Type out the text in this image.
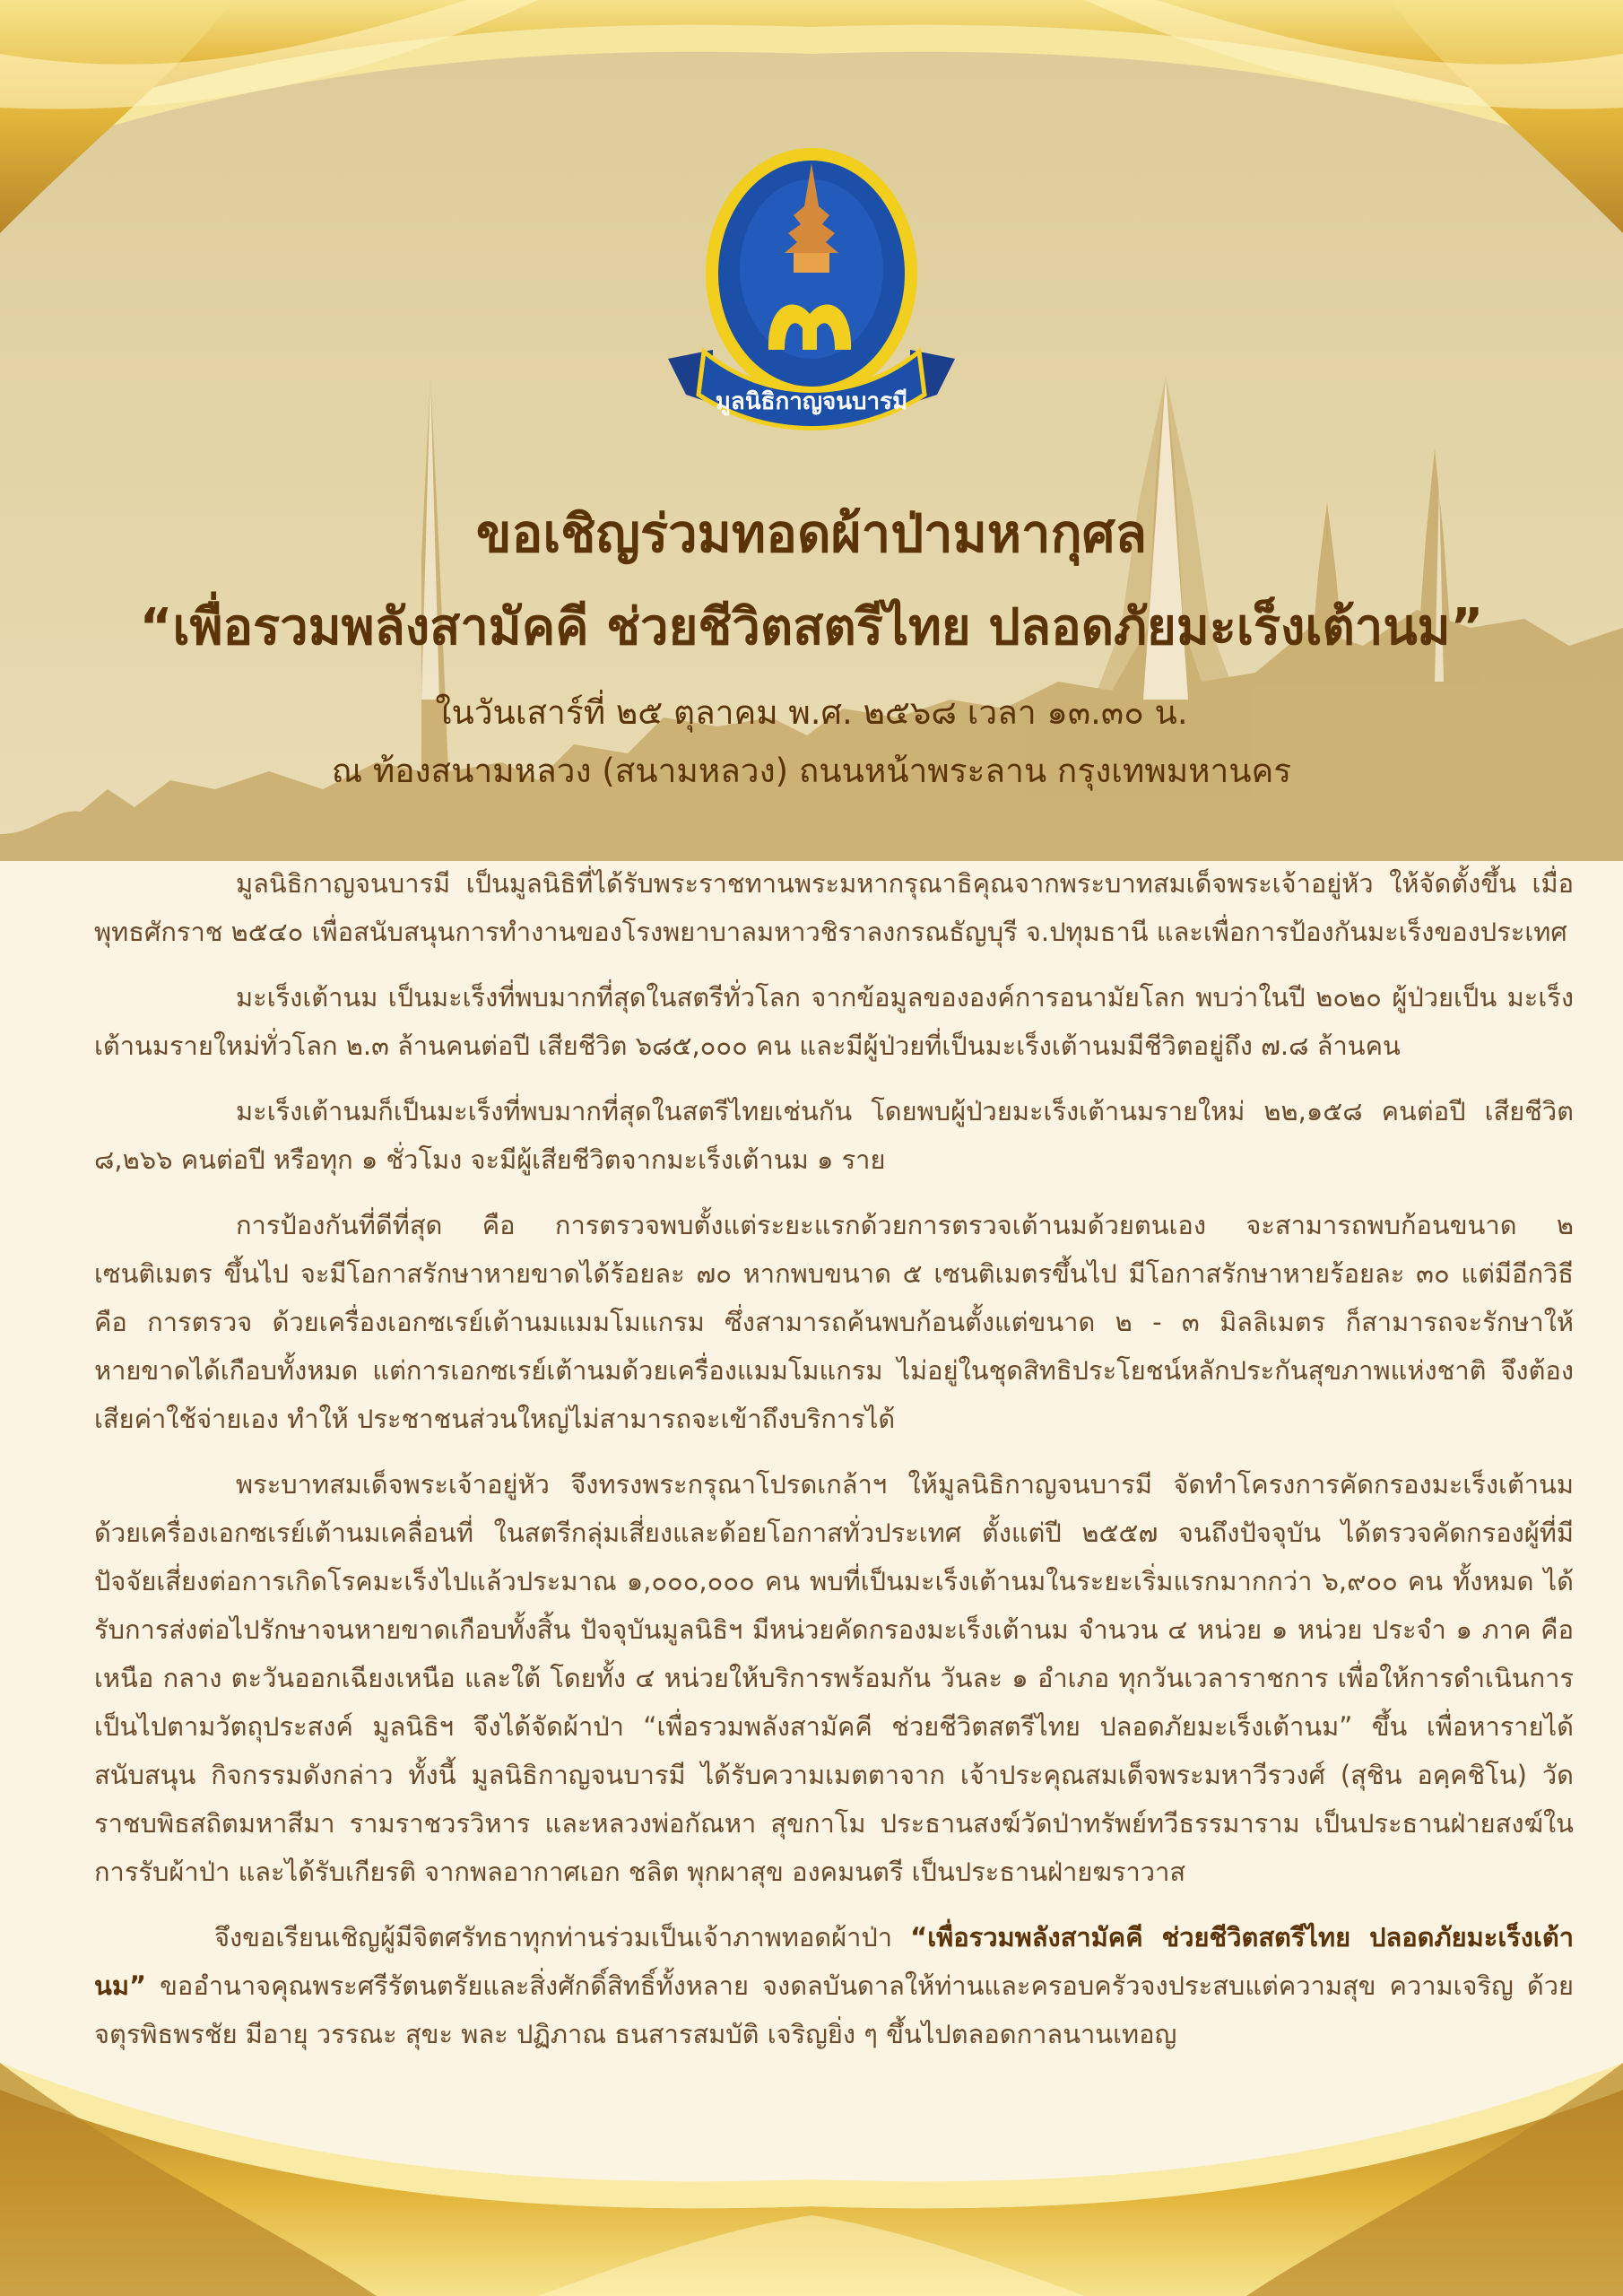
มูลนิธิกาญจนบารมี
ขอเชิญร่วมทอดผ้าป่ามหากุศล
“เพื่อรวมพลังสามัคคี ช่วยชีวิตสตรีไทย ปลอดภัยมะเร็งเต้านม”
ในวันเสาร์ที่ ๒๕ ตุลาคม พ.ศ. ๒๕๖๘ เวลา ๑๓.๓๐ น.
ณ ท้องสนามหลวง (สนามหลวง) ถนนหน้าพระลาน กรุงเทพมหานคร

มูลนิธิกาญจนบารมี เป็นมูลนิธิที่ได้รับพระราชทานพระมหากรุณาธิคุณจากพระบาทสมเด็จพระเจ้าอยู่หัว ให้จัดตั้งขึ้น เมื่อพุทธศักราช ๒๕๔๐ เพื่อสนับสนุนการทำงานของโรงพยาบาลมหาวชิราลงกรณธัญบุรี จ.ปทุมธานี และเพื่อการป้องกันมะเร็งของประเทศ

มะเร็งเต้านม เป็นมะเร็งที่พบมากที่สุดในสตรีทั่วโลก จากข้อมูลขององค์การอนามัยโลก พบว่าในปี ๒๐๒๐ ผู้ป่วยเป็น มะเร็งเต้านมรายใหม่ทั่วโลก ๒.๓ ล้านคนต่อปี เสียชีวิต ๖๘๕,๐๐๐ คน และมีผู้ป่วยที่เป็นมะเร็งเต้านมมีชีวิตอยู่ถึง ๗.๘ ล้านคน

มะเร็งเต้านมก็เป็นมะเร็งที่พบมากที่สุดในสตรีไทยเช่นกัน โดยพบผู้ป่วยมะเร็งเต้านมรายใหม่ ๒๒,๑๕๘ คนต่อปี เสียชีวิต ๘,๒๖๖ คนต่อปี หรือทุก ๑ ชั่วโมง จะมีผู้เสียชีวิตจากมะเร็งเต้านม ๑ ราย

การป้องกันที่ดีที่สุด คือ การตรวจพบตั้งแต่ระยะแรกด้วยการตรวจเต้านมด้วยตนเอง จะสามารถพบก้อนขนาด ๒ เซนติเมตร ขึ้นไป จะมีโอกาสรักษาหายขาดได้ร้อยละ ๗๐ หากพบขนาด ๕ เซนติเมตรขึ้นไป มีโอกาสรักษาหายร้อยละ ๓๐ แต่มีอีกวิธีคือ การตรวจ ด้วยเครื่องเอกซเรย์เต้านมแมมโมแกรม ซึ่งสามารถค้นพบก้อนตั้งแต่ขนาด ๒ - ๓ มิลลิเมตร ก็สามารถจะรักษาให้หายขาดได้เกือบทั้งหมด แต่การเอกซเรย์เต้านมด้วยเครื่องแมมโมแกรม ไม่อยู่ในชุดสิทธิประโยชน์หลักประกันสุขภาพแห่งชาติ จึงต้องเสียค่าใช้จ่ายเอง ทำให้ ประชาชนส่วนใหญ่ไม่สามารถจะเข้าถึงบริการได้

พระบาทสมเด็จพระเจ้าอยู่หัว จึงทรงพระกรุณาโปรดเกล้าฯ ให้มูลนิธิกาญจนบารมี จัดทำโครงการคัดกรองมะเร็งเต้านม ด้วยเครื่องเอกซเรย์เต้านมเคลื่อนที่ ในสตรีกลุ่มเสี่ยงและด้อยโอกาสทั่วประเทศ ตั้งแต่ปี ๒๕๕๗ จนถึงปัจจุบัน ได้ตรวจคัดกรองผู้ที่มี ปัจจัยเสี่ยงต่อการเกิดโรคมะเร็งไปแล้วประมาณ ๑,๐๐๐,๐๐๐ คน พบที่เป็นมะเร็งเต้านมในระยะเริ่มแรกมากกว่า ๖,๙๐๐ คน ทั้งหมด ได้รับการส่งต่อไปรักษาจนหายขาดเกือบทั้งสิ้น ปัจจุบันมูลนิธิฯ มีหน่วยคัดกรองมะเร็งเต้านม จำนวน ๔ หน่วย ๑ หน่วย ประจำ ๑ ภาค คือ เหนือ กลาง ตะวันออกเฉียงเหนือ และใต้ โดยทั้ง ๔ หน่วยให้บริการพร้อมกัน วันละ ๑ อำเภอ ทุกวันเวลาราชการ เพื่อให้การดำเนินการ เป็นไปตามวัตถุประสงค์ มูลนิธิฯ จึงได้จัดผ้าป่า “เพื่อรวมพลังสามัคคี ช่วยชีวิตสตรีไทย ปลอดภัยมะเร็งเต้านม” ขึ้น เพื่อหารายได้สนับสนุน กิจกรรมดังกล่าว ทั้งนี้ มูลนิธิกาญจนบารมี ได้รับความเมตตาจาก เจ้าประคุณสมเด็จพระมหาวีรวงศ์ (สุชิน อคฺคชิโน) วัดราชบพิธสถิตมหาสีมา รามราชวรวิหาร และหลวงพ่อกัณหา สุขกาโม ประธานสงฆ์วัดป่าทรัพย์ทวีธรรมาราม เป็นประธานฝ่ายสงฆ์ในการรับผ้าป่า และได้รับเกียรติ จากพลอากาศเอก ชลิต พุกผาสุข องคมนตรี เป็นประธานฝ่ายฆราวาส

จึงขอเรียนเชิญผู้มีจิตศรัทธาทุกท่านร่วมเป็นเจ้าภาพทอดผ้าป่า “เพื่อรวมพลังสามัคคี ช่วยชีวิตสตรีไทย ปลอดภัยมะเร็งเต้านม” ขออำนาจคุณพระศรีรัตนตรัยและสิ่งศักดิ์สิทธิ์ทั้งหลาย จงดลบันดาลให้ท่านและครอบครัวจงประสบแต่ความสุข ความเจริญ ด้วยจตุรพิธพรชัย มีอายุ วรรณะ สุขะ พละ ปฏิภาณ ธนสารสมบัติ เจริญยิ่ง ๆ ขึ้นไปตลอดกาลนานเทอญ
